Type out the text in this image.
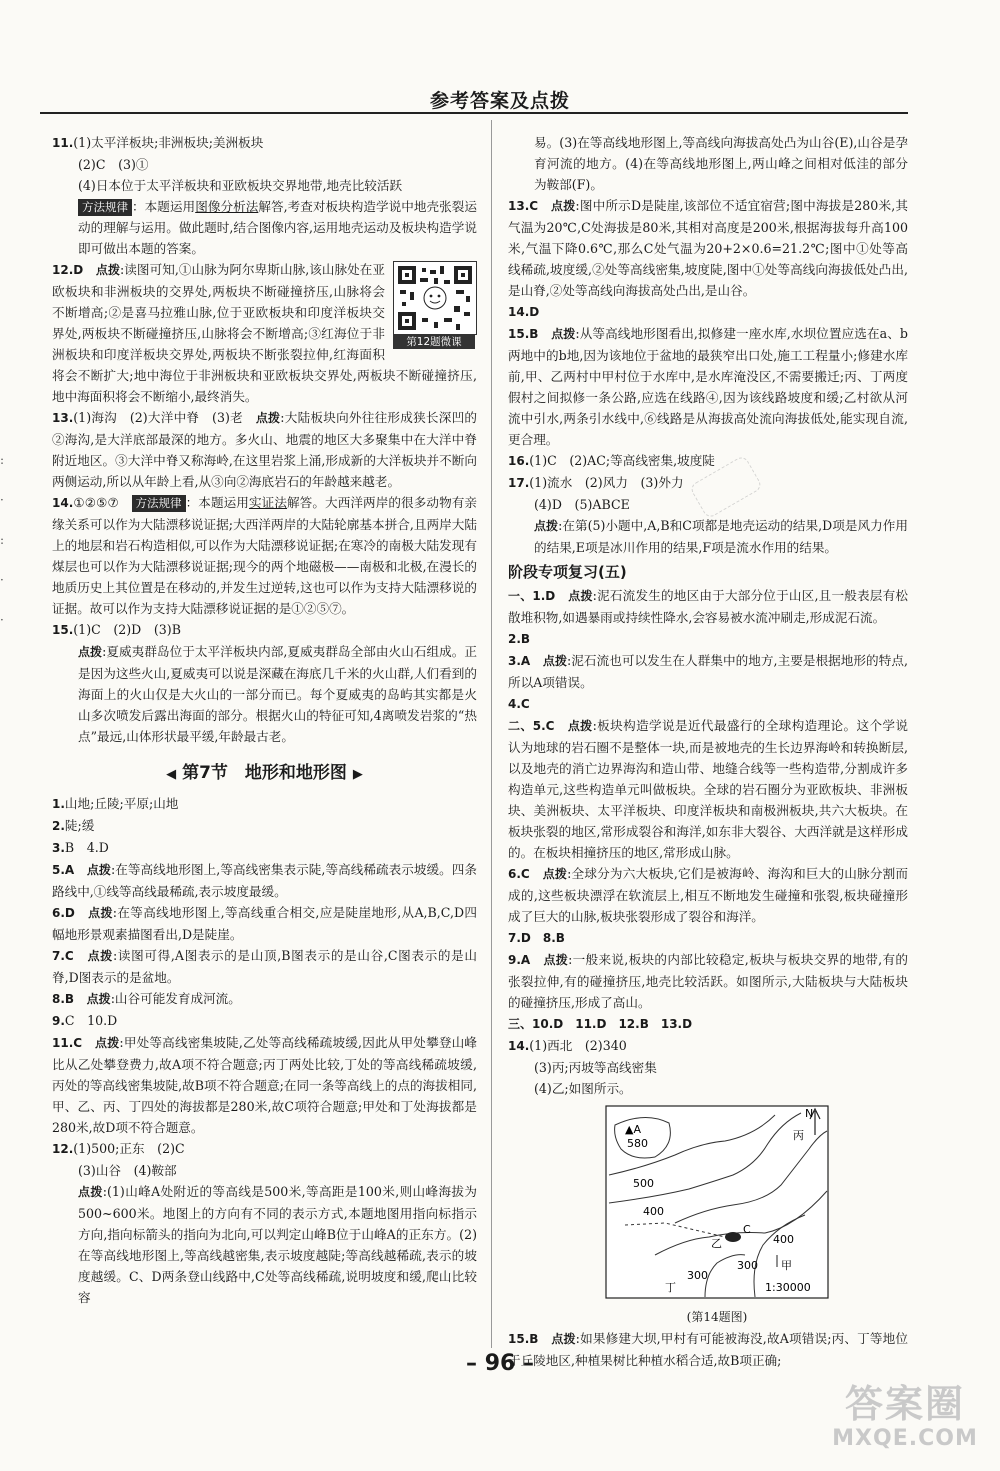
参考答案及点拨
:
·
:
·
·

11.(1)太平洋板块;非洲板块;美洲板块

(2)C　(3)①

(4)日本位于太平洋板块和亚欧板块交界地带,地壳比较活跃

方法规律 ：本题运用图像分析法解答,考查对板块构造学说中地壳张裂运动的理解与运用。做此题时,结合图像内容,运用地壳运动及板块构造学说即可做出本题的答案。

第12题微课

12.D　 点拨:读图可知,①山脉为阿尔卑斯山脉,该山脉处在亚欧板块和非洲板块的交界处,两板块不断碰撞挤压,山脉将会不断增高;②是喜马拉雅山脉,位于亚欧板块和印度洋板块交界处,两板块不断碰撞挤压,山脉将会不断增高;③红海位于非洲板块和印度洋板块交界处,两板块不断张裂拉伸,红海面积将会不断扩大;地中海位于非洲板块和亚欧板块交界处,两板块不断碰撞挤压,地中海面积将会不断缩小,最终消失。

13.(1)海沟　(2)大洋中脊　(3)老　 点拨:大陆板块向外往往形成狭长深凹的②海沟,是大洋底部最深的地方。多火山、地震的地区大多聚集中在大洋中脊附近地区。③大洋中脊又称海岭,在这里岩浆上涌,形成新的大洋板块并不断向两侧运动,所以从年龄上看,从③向②海底岩石的年龄越来越老。

14.①②⑤⑦　 方法规律 ：本题运用实证法解答。大西洋两岸的很多动物有亲缘关系可以作为大陆漂移说证据;大西洋两岸的大陆轮廓基本拼合,且两岸大陆上的地层和岩石构造相似,可以作为大陆漂移说证据;在寒冷的南极大陆发现有煤层也可以作为大陆漂移说证据;现今的两个地磁极——南极和北极,在漫长的地质历史上其位置是在移动的,并发生过逆转,这也可以作为支持大陆漂移说的证据。故可以作为支持大陆漂移说证据的是①②⑤⑦。

15.(1)C　(2)D　(3)B

点拨:夏威夷群岛位于太平洋板块内部,夏威夷群岛全部由火山石组成。正是因为这些火山,夏威夷可以说是深藏在海底几千米的火山群,人们看到的海面上的火山仅是大火山的一部分而已。每个夏威夷的岛屿其实都是火山多次喷发后露出海面的部分。根据火山的特征可知,4离喷发岩浆的“热点”最远,山体形状最平缓,年龄最古老。

◀ 第7节　地形和地形图 ▶

1.山地;丘陵;平原;山地

2.陡;缓

3.B　4.D

5.A　 点拨:在等高线地形图上,等高线密集表示陡,等高线稀疏表示坡缓。四条路线中,①线等高线最稀疏,表示坡度最缓。

6.D　 点拨:在等高线地形图上,等高线重合相交,应是陡崖地形,从A,B,C,D四幅地形景观素描图看出,D是陡崖。

7.C　 点拨:读图可得,A图表示的是山顶,B图表示的是山谷,C图表示的是山脊,D图表示的是盆地。

8.B　 点拨:山谷可能发育成河流。

9.C　10.D

11.C　 点拨:甲处等高线密集坡陡,乙处等高线稀疏坡缓,因此从甲处攀登山峰比从乙处攀登费力,故A项不符合题意;丙丁两处比较,丁处的等高线稀疏坡缓,丙处的等高线密集坡陡,故B项不符合题意;在同一条等高线上的点的海拔相同,甲、乙、丙、丁四处的海拔都是280米,故C项符合题意;甲处和丁处海拔都是280米,故D项不符合题意。

12.(1)500;正东　(2)C

(3)山谷　(4)鞍部

点拨:(1)山峰A处附近的等高线是500米,等高距是100米,则山峰海拔为500~600米。地图上的方向有不同的表示方式,本题地图用指向标指示方向,指向标箭头的指向为北向,可以判定山峰B位于山峰A的正东方。(2)在等高线地形图上,等高线越密集,表示坡度越陡;等高线越稀疏,表示的坡度越缓。C、D两条登山线路中,C处等高线稀疏,说明坡度和缓,爬山比较容

易。(3)在等高线地形图上,等高线向海拔高处凸为山谷(E),山谷是孕育河流的地方。(4)在等高线地形图上,两山峰之间相对低洼的部分为鞍部(F)。

13.C　 点拨:图中所示D是陡崖,该部位不适宜宿营;图中海拔是280米,其气温为20℃,C处海拔是80米,其相对高度是200米,根据海拔每升高100米,气温下降0.6℃,那么C处气温为20+2×0.6=21.2℃;图中①处等高线稀疏,坡度缓,②处等高线密集,坡度陡,图中①处等高线向海拔低处凸出,是山脊,②处等高线向海拔高处凸出,是山谷。

14.D

15.B　 点拨:从等高线地形图看出,拟修建一座水库,水坝位置应选在a、b两地中的b地,因为该地位于盆地的最狭窄出口处,施工工程量小;修建水库前,甲、乙两村中甲村位于水库中,是水库淹没区,不需要搬迁;丙、丁两度假村之间拟修一条公路,应选在线路④,因为该线路坡度和缓;乙村欲从河流中引水,两条引水线中,⑥线路是从海拔高处流向海拔低处,能实现自流,更合理。

16.(1)C　(2)AC;等高线密集,坡度陡

17.(1)流水　(2)风力　(3)外力

(4)D　(5)ABCE

点拨:在第(5)小题中,A,B和C项都是地壳运动的结果,D项是风力作用的结果,E项是冰川作用的结果,F项是流水作用的结果。

阶段专项复习(五)

一、1.D　 点拨:泥石流发生的地区由于大部分位于山区,且一般表层有松散堆积物,如遇暴雨或持续性降水,会容易被水流冲刷走,形成泥石流。

2.B

3.A　 点拨:泥石流也可以发生在人群集中的地方,主要是根据地形的特点,所以A项错误。

4.C

二、5.C　 点拨:板块构造学说是近代最盛行的全球构造理论。这个学说认为地球的岩石圈不是整体一块,而是被地壳的生长边界海岭和转换断层,以及地壳的消亡边界海沟和造山带、地缝合线等一些构造带,分割成许多构造单元,这些构造单元叫做板块。全球的岩石圈分为亚欧板块、非洲板块、美洲板块、太平洋板块、印度洋板块和南极洲板块,共六大板块。在板块张裂的地区,常形成裂谷和海洋,如东非大裂谷、大西洋就是这样形成的。在板块相撞挤压的地区,常形成山脉。

6.C　 点拨:全球分为六大板块,它们是被海岭、海沟和巨大的山脉分割而成的,这些板块漂浮在软流层上,相互不断地发生碰撞和张裂,板块碰撞形成了巨大的山脉,板块张裂形成了裂谷和海洋。

7.D　8.B

9.A　 点拨:一般来说,板块的内部比较稳定,板块与板块交界的地带,有的张裂拉伸,有的碰撞挤压,地壳比较活跃。如图所示,大陆板块与大陆板块的碰撞挤压,形成了高山。

三、10.D　11.D　12.B　13.D

14.(1)西北　(2)340

(3)丙;丙坡等高线密集

(4)乙;如图所示。

▲A
580
500
400
400
300
300
C
乙
丙
甲
丁
N
1:30000
(第14题图)

15.B　 点拨:如果修建大坝,甲村有可能被海没,故A项错误;丙、丁等地位于丘陵地区,种植果树比种植水稻合适,故B项正确;

– 96 –
答案圈
MXQE.COM
